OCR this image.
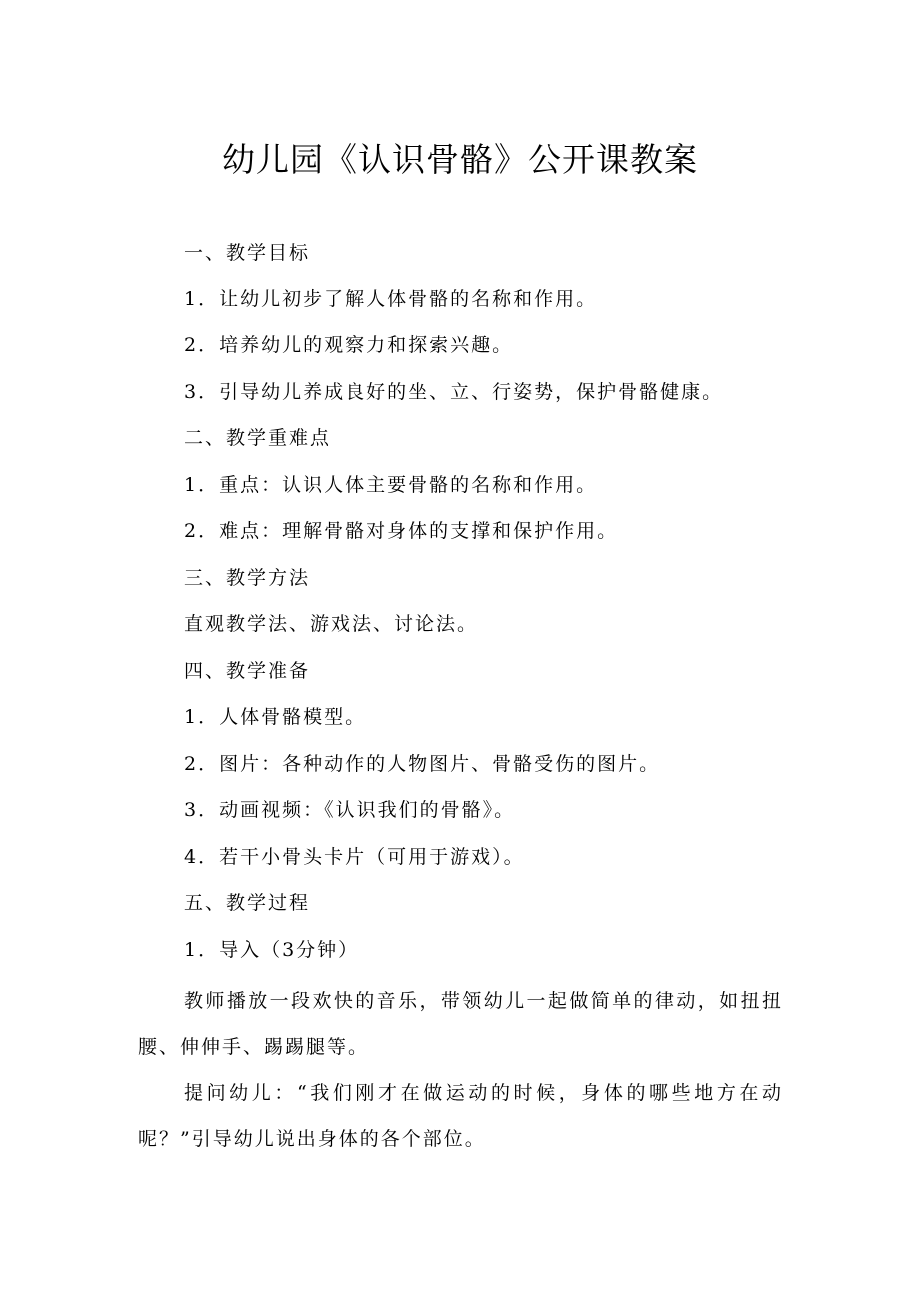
幼儿园《认识骨骼》公开课教案
一、教学目标
1．让幼儿初步了解人体骨骼的名称和作用。
2．培养幼儿的观察力和探索兴趣。
3．引导幼儿养成良好的坐、立、行姿势，保护骨骼健康。
二、教学重难点
1．重点：认识人体主要骨骼的名称和作用。
2．难点：理解骨骼对身体的支撑和保护作用。
三、教学方法
直观教学法、游戏法、讨论法。
四、教学准备
1．人体骨骼模型。
2．图片：各种动作的人物图片、骨骼受伤的图片。
3．动画视频：《认识我们的骨骼》。
4．若干小骨头卡片（可用于游戏）。
五、教学过程
1．导入（3分钟）
教师播放一段欢快的音乐，带领幼儿一起做简单的律动，如扭扭腰、伸伸手、踢踢腿等。
提问幼儿：“我们刚才在做运动的时候，身体的哪些地方在动呢？”引导幼儿说出身体的各个部位。
